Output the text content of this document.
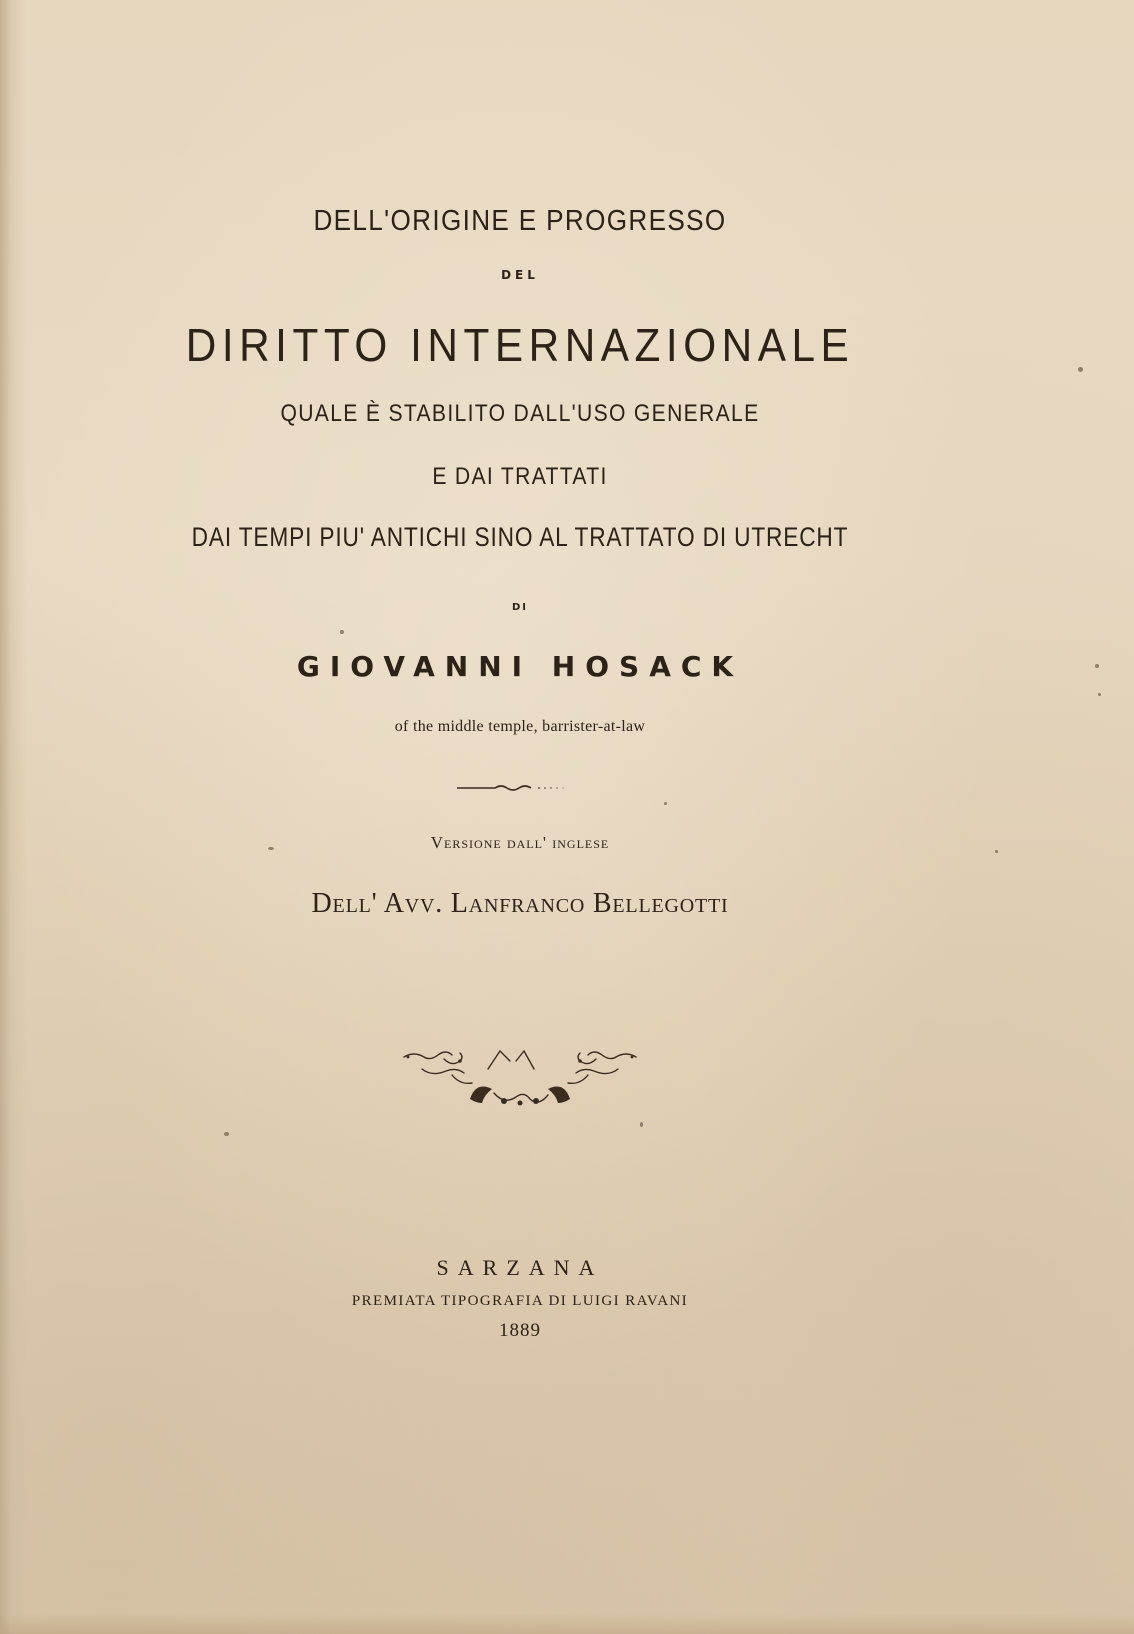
DELL'ORIGINE E PROGRESSO
DEL
DIRITTO INTERNAZIONALE
QUALE È STABILITO DALL'USO GENERALE
E DAI TRATTATI
DAI TEMPI PIU' ANTICHI SINO AL TRATTATO DI UTRECHT
DI
GIOVANNI HOSACK
of the middle temple, barrister-at-law
Versione dall' inglese
Dell' Avv. Lanfranco Bellegotti
SARZANA
PREMIATA TIPOGRAFIA DI LUIGI RAVANI
1889
